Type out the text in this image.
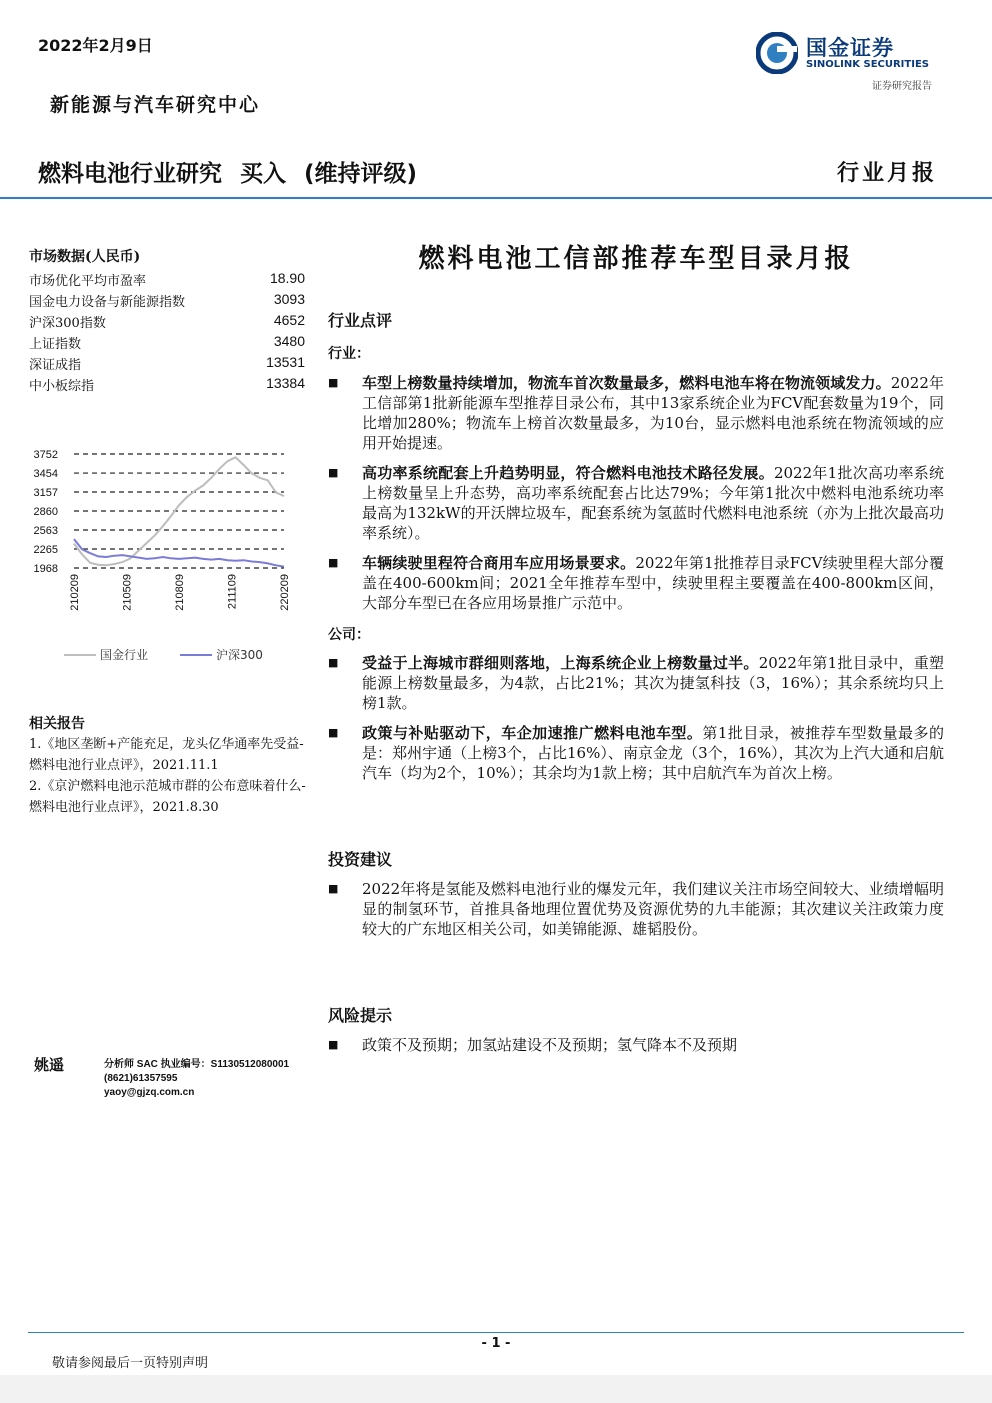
2022年2月9日
新能源与汽车研究中心
国金证券
SINOLINK SECURITIES
证券研究报告
燃料电池行业研究 买入 (维持评级)	行业月报
市场数据(人民币)
市场优化平均市盈率	18.90
国金电力设备与新能源指数	3093
沪深300指数	4652
上证指数	3480
深证成指	13531
中小板综指	13384
3752
3454
3157
2860
2563
2265
1968
210209	210509	210809	211109	220209
国金行业	沪深300
相关报告
1.《地区垄断+产能充足，龙头亿华通率先受益-燃料电池行业点评》，2021.11.1
2.《京沪燃料电池示范城市群的公布意味着什么-燃料电池行业点评》，2021.8.30
姚遥	分析师 SAC 执业编号：S1130512080001
(8621)61357595
yaoy@gjzq.com.cn
燃料电池工信部推荐车型目录月报
行业点评
行业：
■	车型上榜数量持续增加，物流车首次数量最多，燃料电池车将在物流领域发力。2022年工信部第1批新能源车型推荐目录公布，其中13家系统企业为FCV配套数量为19个，同比增加280%；物流车上榜首次数量最多，为10台，显示燃料电池系统在物流领域的应用开始提速。
■	高功率系统配套上升趋势明显，符合燃料电池技术路径发展。2022年1批次高功率系统上榜数量呈上升态势，高功率系统配套占比达79%；今年第1批次中燃料电池系统功率最高为132kW的开沃牌垃圾车，配套系统为氢蓝时代燃料电池系统（亦为上批次最高功率系统）。
■	车辆续驶里程符合商用车应用场景要求。2022年第1批推荐目录FCV续驶里程大部分覆盖在400-600km间；2021全年推荐车型中，续驶里程主要覆盖在400-800km区间，大部分车型已在各应用场景推广示范中。
公司：
■	受益于上海城市群细则落地，上海系统企业上榜数量过半。2022年第1批目录中，重塑能源上榜数量最多，为4款，占比21%；其次为捷氢科技（3，16%）；其余系统均只上榜1款。
■	政策与补贴驱动下，车企加速推广燃料电池车型。第1批目录，被推荐车型数量最多的是：郑州宇通（上榜3个，占比16%）、南京金龙（3个，16%），其次为上汽大通和启航汽车（均为2个，10%）；其余均为1款上榜；其中启航汽车为首次上榜。
投资建议
■	2022年将是氢能及燃料电池行业的爆发元年，我们建议关注市场空间较大、业绩增幅明显的制氢环节，首推具备地理位置优势及资源优势的九丰能源；其次建议关注政策力度较大的广东地区相关公司，如美锦能源、雄韬股份。
风险提示
■	政策不及预期；加氢站建设不及预期；氢气降本不及预期
- 1 -
敬请参阅最后一页特别声明
